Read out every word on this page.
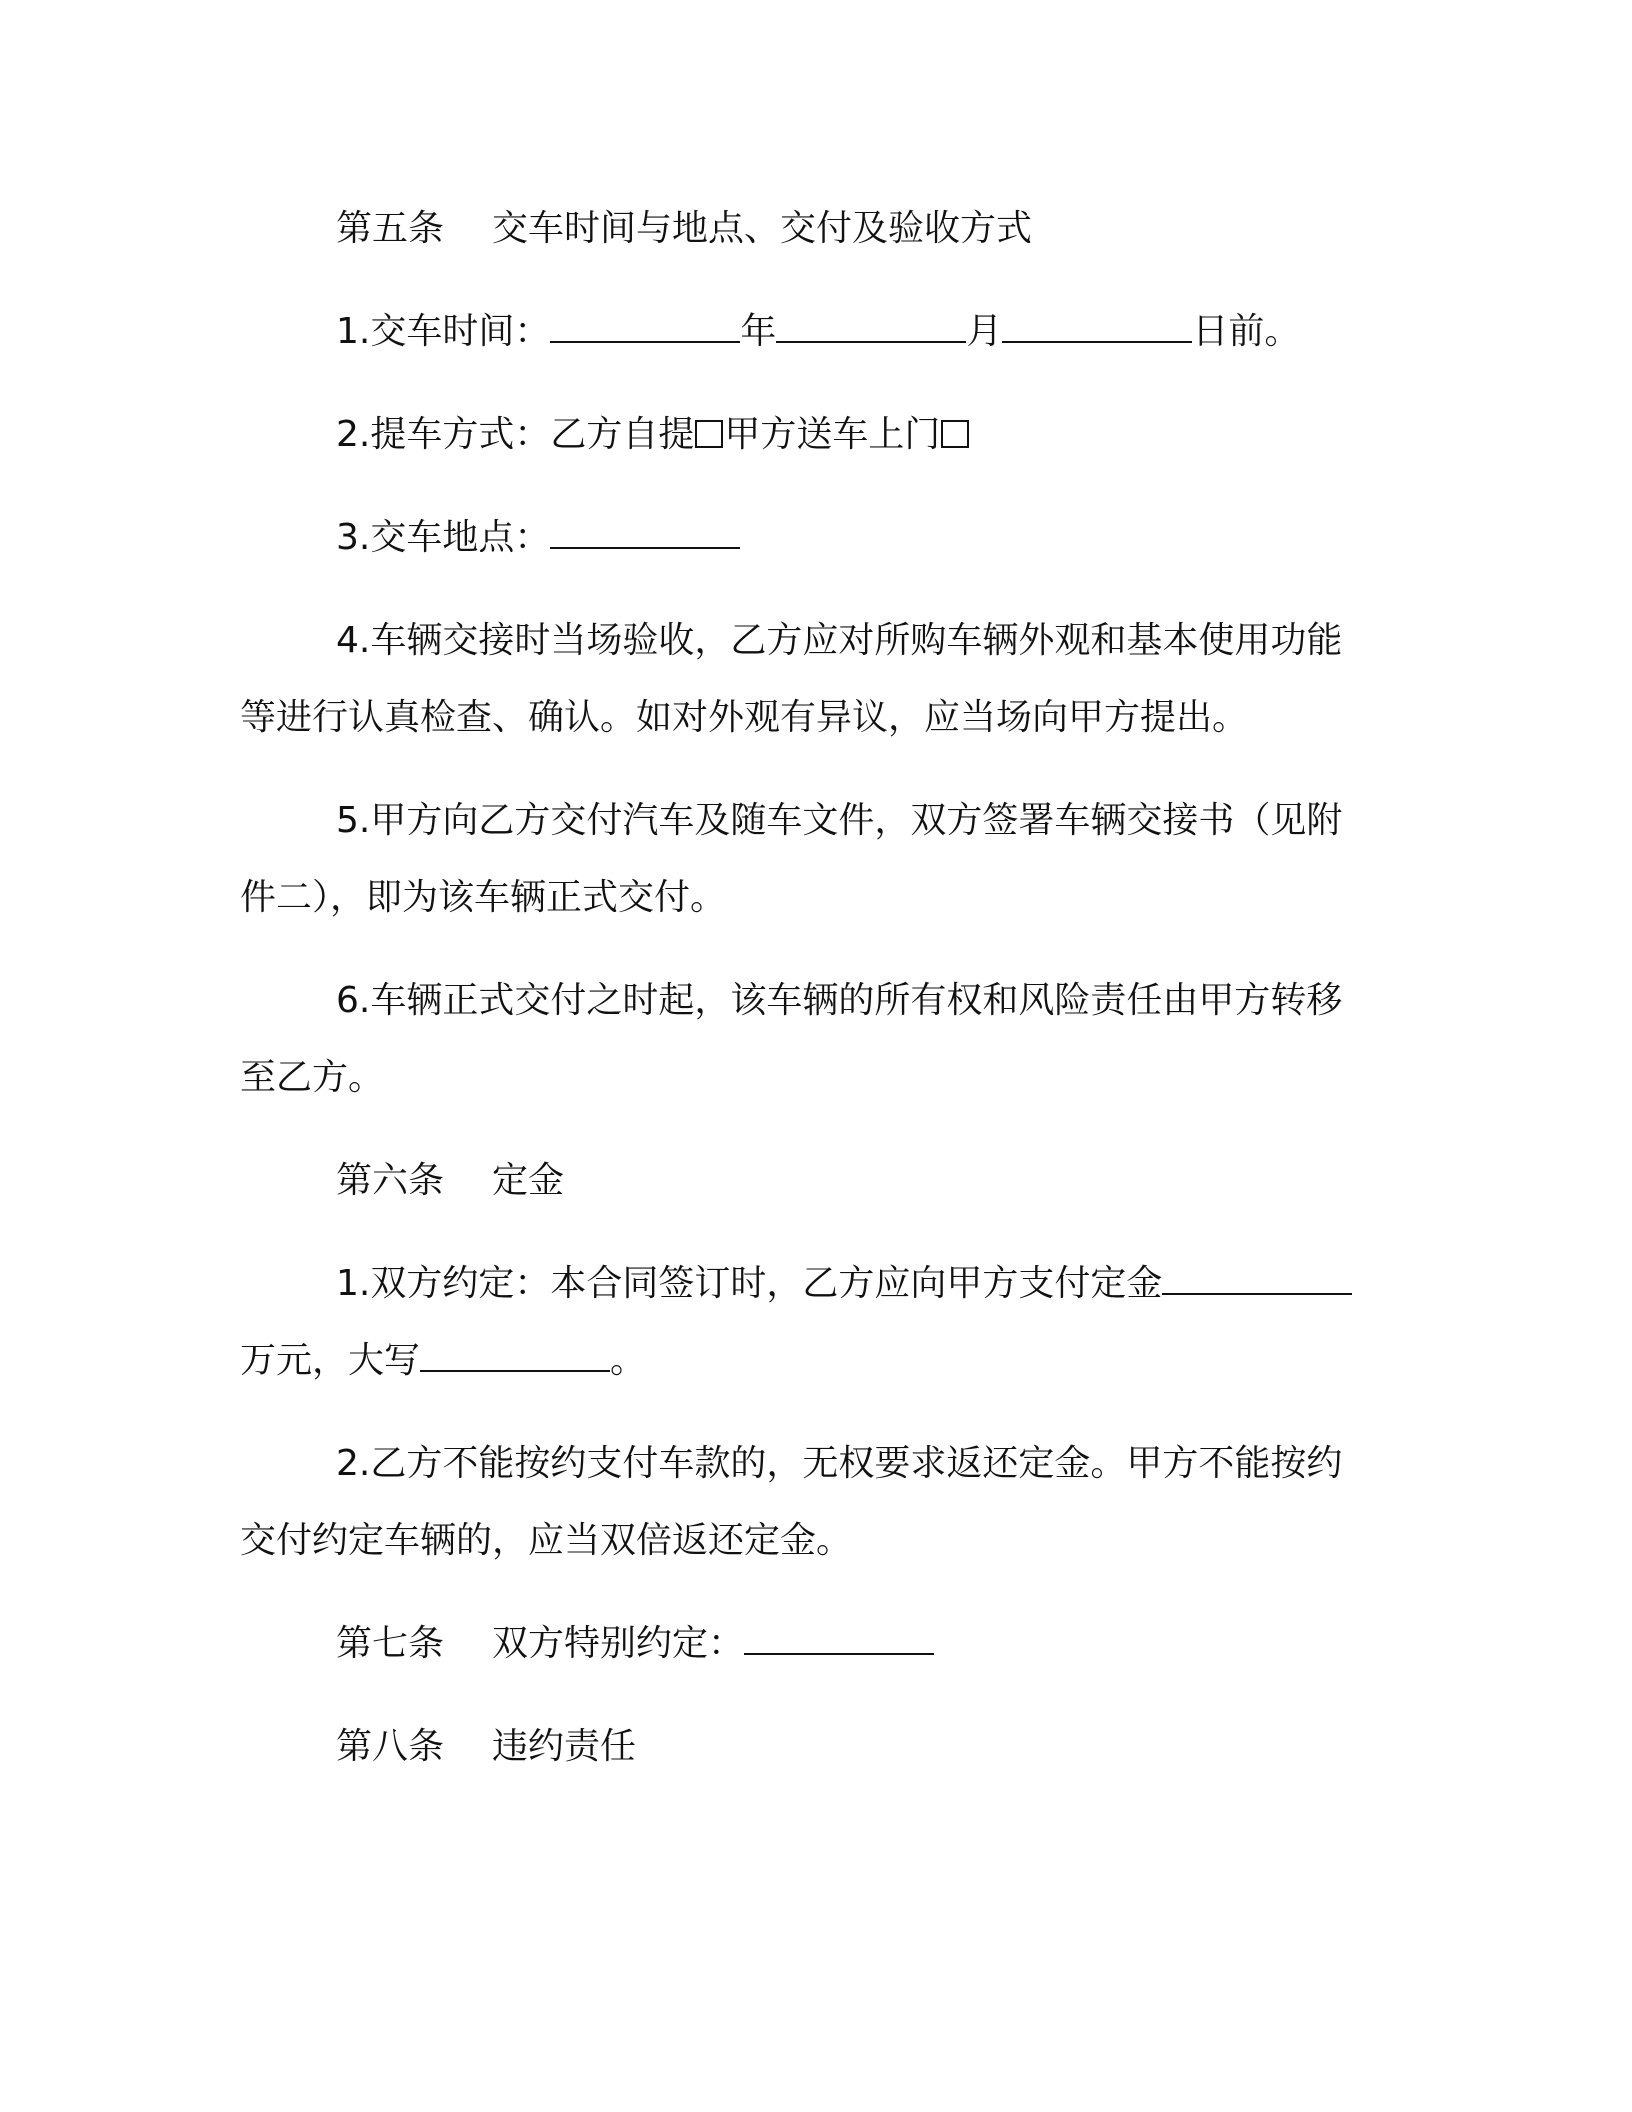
第五条 交车时间与地点、交付及验收方式

1.交车时间：	年	月	日前。

2.提车方式：乙方自提 甲方送车上门

3.交车地点：

4.车辆交接时当场验收，乙方应对所购车辆外观和基本使用功能等进行认真检查、确认。如对外观有异议，应当场向甲方提出。

5.甲方向乙方交付汽车及随车文件，双方签署车辆交接书（见附件二），即为该车辆正式交付。

6.车辆正式交付之时起，该车辆的所有权和风险责任由甲方转移至乙方。

第六条 定金

1.双方约定：本合同签订时，乙方应向甲方支付定金万元，大写	。

2.乙方不能按约支付车款的，无权要求返还定金。甲方不能按约交付约定车辆的，应当双倍返还定金。

第七条 双方特别约定：

第八条 违约责任
